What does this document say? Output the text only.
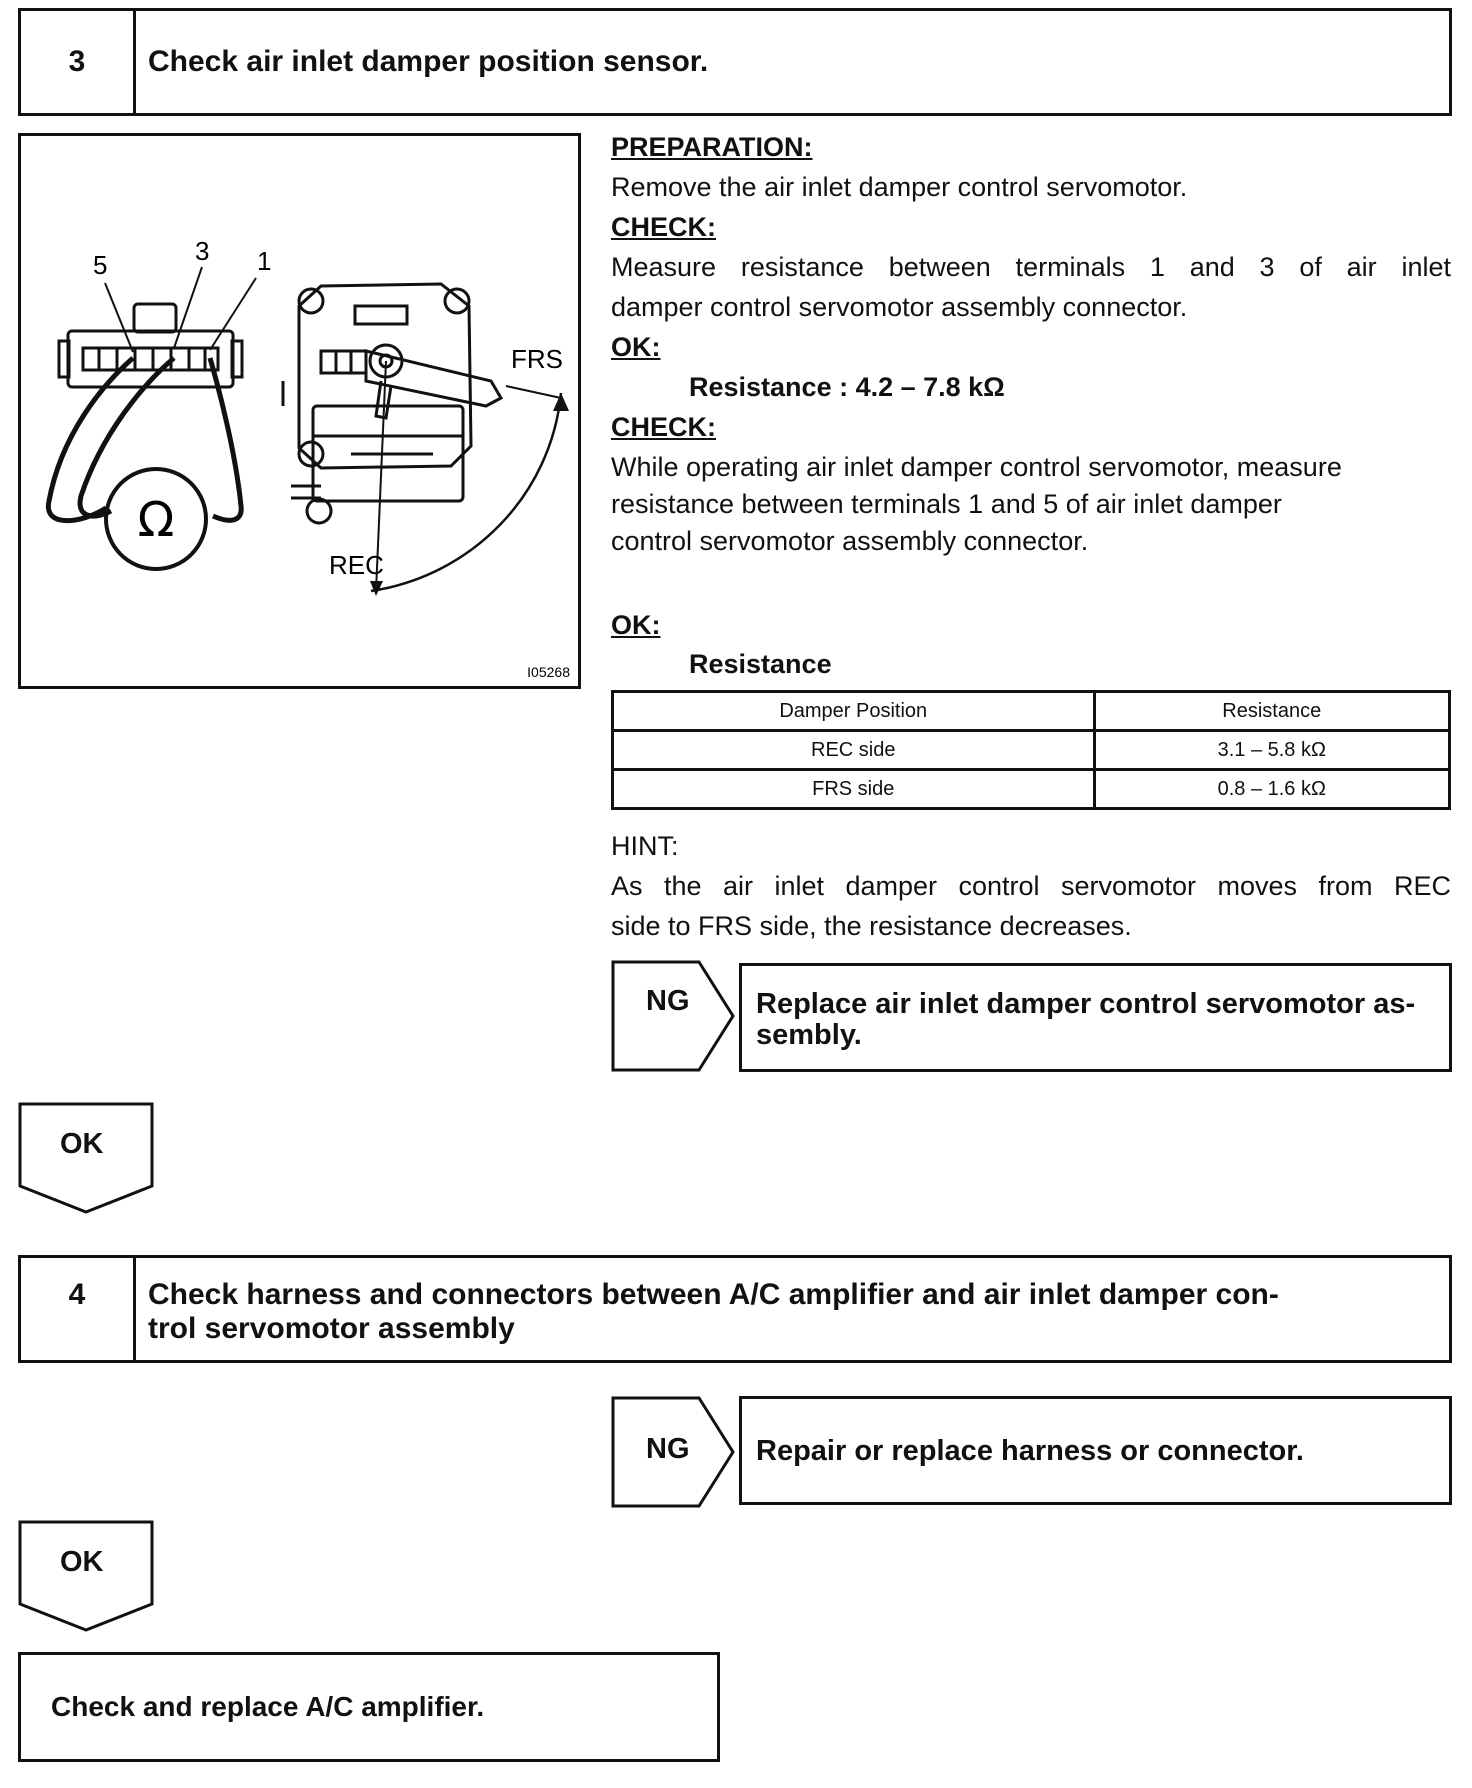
3	Check air inlet damper position sensor.
5	3 1
Ω
FRS
REC
I05268
PREPARATION:
Remove the air inlet damper control servomotor.
CHECK:
Measure resistance between terminals 1 and 3 of air inlet
damper control servomotor assembly connector.
OK:
Resistance : 4.2 – 7.8 kΩ
CHECK:
While operating air inlet damper control servomotor, measure
resistance between terminals 1 and 5 of air inlet damper
control servomotor assembly connector.
OK:
Resistance
Damper Position	Resistance
REC side	3.1 – 5.8 kΩ
FRS side	0.8 – 1.6 kΩ
HINT:
As the air inlet damper control servomotor moves from REC
side to FRS side, the resistance decreases.
NG Replace air inlet damper control servomotor as-
sembly.
OK
4	Check harness and connectors between A/C amplifier and air inlet damper con-
trol servomotor assembly
NG Repair or replace harness or connector.
OK
Check and replace A/C amplifier.
